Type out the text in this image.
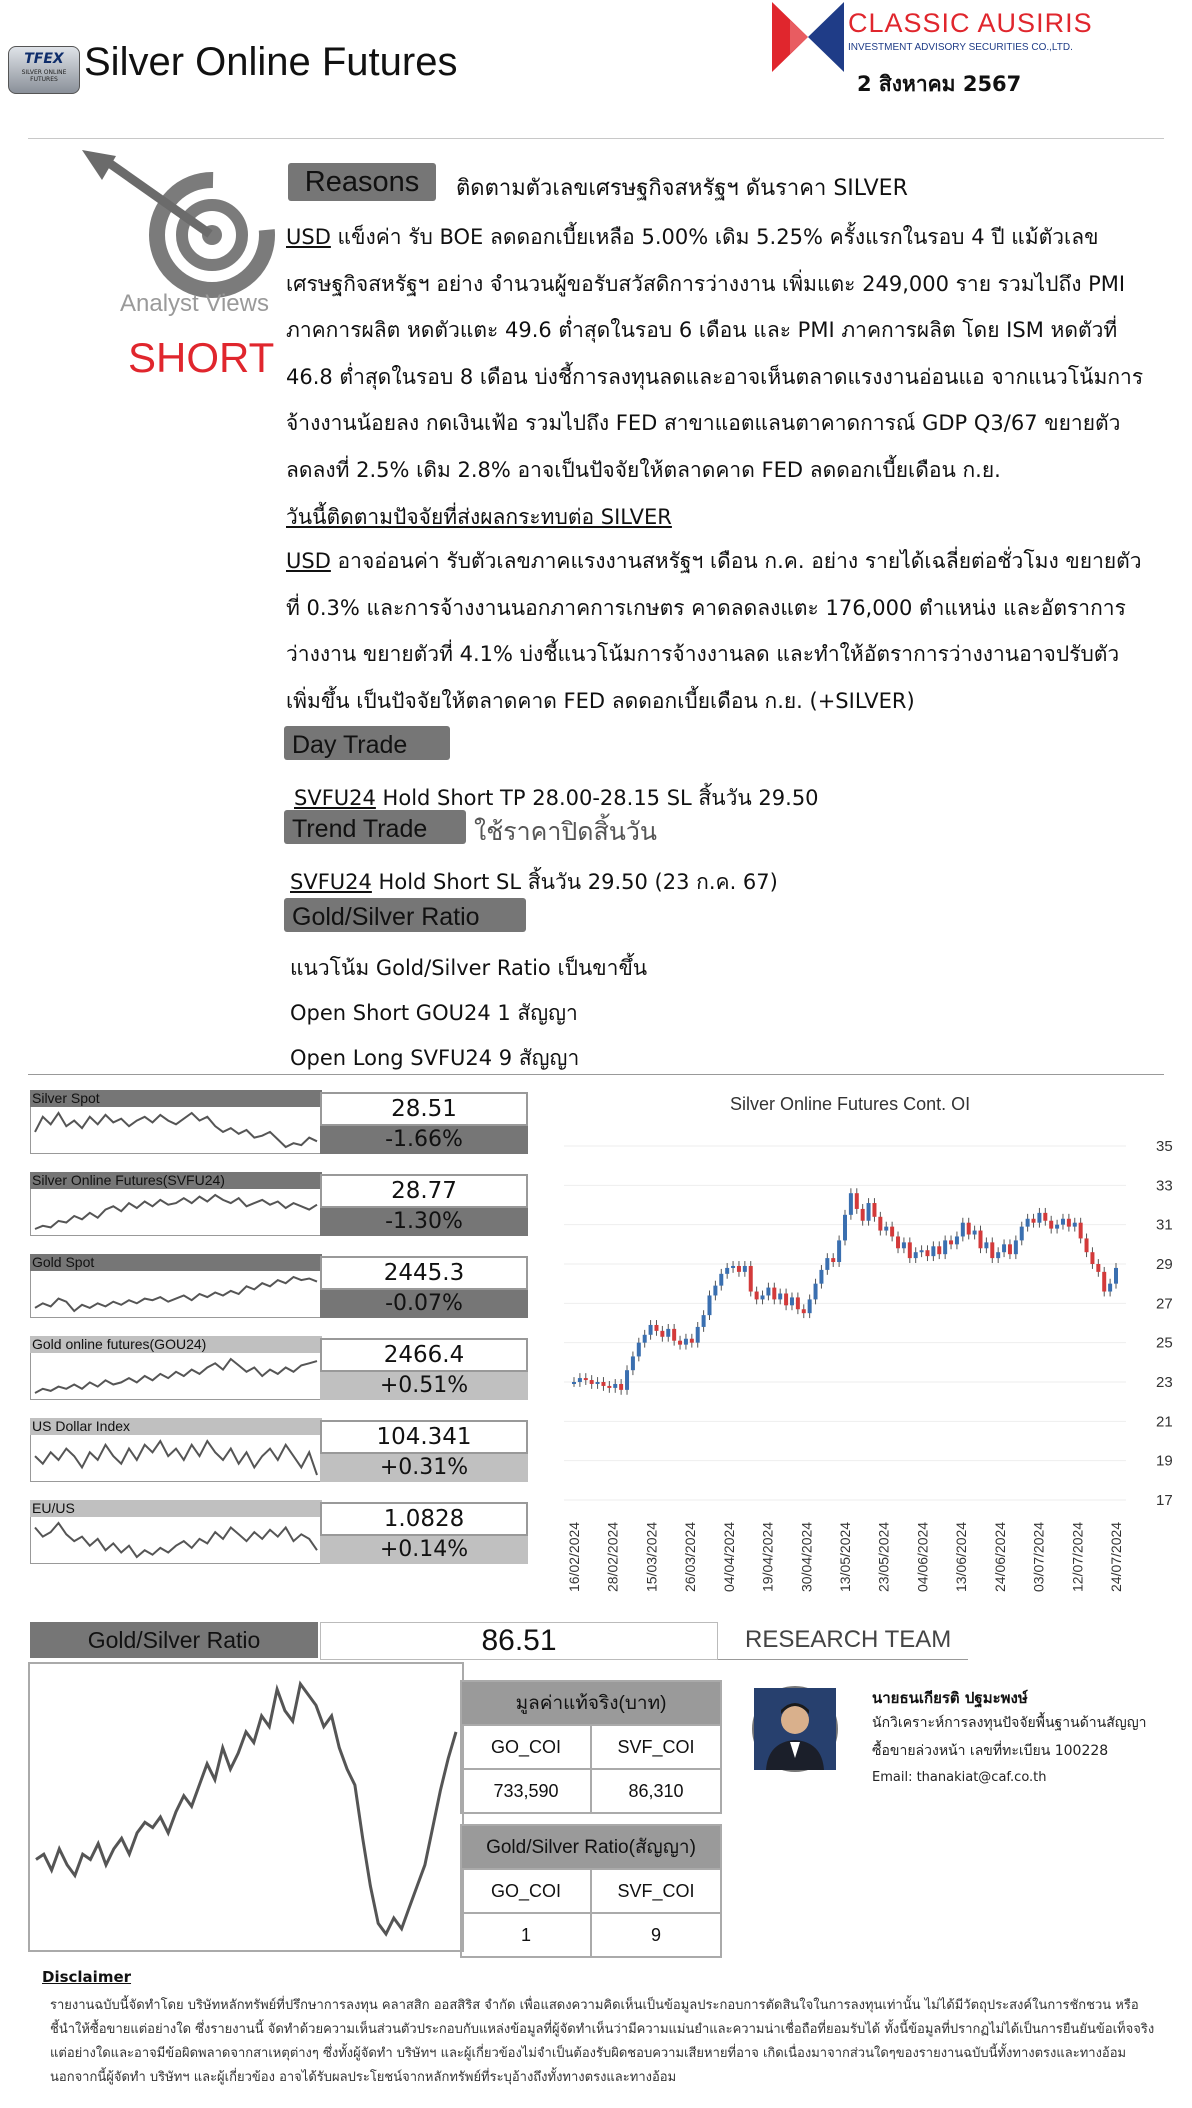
TFEX
SILVER ONLINE FUTURES Silver Online Futures
CLASSIC AUSIRIS
INVESTMENT ADVISORY SECURITIES CO.,LTD.
2 สิงหาคม 2567
Analyst Views
SHORT
Reasons	ติดตามตัวเลขเศรษฐกิจสหรัฐฯ ดันราคา SILVER
USD แข็งค่า รับ BOE ลดดอกเบี้ยเหลือ 5.00% เดิม 5.25% ครั้งแรกในรอบ 4 ปี แม้ตัวเลข
เศรษฐกิจสหรัฐฯ อย่าง จำนวนผู้ขอรับสวัสดิการว่างงาน เพิ่มแตะ 249,000 ราย รวมไปถึง PMI
ภาคการผลิต หดตัวแตะ 49.6 ต่ำสุดในรอบ 6 เดือน และ PMI ภาคการผลิต โดย ISM หดตัวที่
46.8 ต่ำสุดในรอบ 8 เดือน บ่งชี้การลงทุนลดและอาจเห็นตลาดแรงงานอ่อนแอ จากแนวโน้มการ
จ้างงานน้อยลง กดเงินเฟ้อ รวมไปถึง FED สาขาแอตแลนตาคาดการณ์ GDP Q3/67 ขยายตัว
ลดลงที่ 2.5% เดิม 2.8% อาจเป็นปัจจัยให้ตลาดคาด FED ลดดอกเบี้ยเดือน ก.ย.
วันนี้ติดตามปัจจัยที่ส่งผลกระทบต่อ SILVER
USD อาจอ่อนค่า รับตัวเลขภาคแรงงานสหรัฐฯ เดือน ก.ค. อย่าง รายได้เฉลี่ยต่อชั่วโมง ขยายตัว
ที่ 0.3% และการจ้างงานนอกภาคการเกษตร คาดลดลงแตะ 176,000 ตำแหน่ง และอัตราการ
ว่างงาน ขยายตัวที่ 4.1% บ่งชี้แนวโน้มการจ้างงานลด และทำให้อัตราการว่างงานอาจปรับตัว
เพิ่มขึ้น เป็นปัจจัยให้ตลาดคาด FED ลดดอกเบี้ยเดือน ก.ย. (+SILVER)
Day Trade
SVFU24 Hold Short TP 28.00-28.15 SL สิ้นวัน 29.50
Trend Trade	ใช้ราคาปิดสิ้นวัน
SVFU24 Hold Short SL สิ้นวัน 29.50 (23 ก.ค. 67)
Gold/Silver Ratio
แนวโน้ม Gold/Silver Ratio เป็นขาขึ้น
Open Short GOU24 1 สัญญา
Open Long SVFU24 9 สัญญา
Silver Spot	28.51
-1.66%
Silver Online Futures(SVFU24)	28.77
-1.30%
Gold Spot	2445.3
-0.07%
Gold online futures(GOU24)	2466.4
+0.51%
US Dollar Index	104.341
+0.31%
EU/US	1.0828
+0.14%
Silver Online Futures Cont. OI
35
33
31
29
27
25
23
21
19
17
16/02/2024 28/02/2024 15/03/2024 26/03/2024 04/04/2024 19/04/2024 30/04/2024 13/05/2024 23/05/2024 04/06/2024 13/06/2024 24/06/2024 03/07/2024 12/07/2024 24/07/2024
Gold/Silver Ratio	86.51	RESEARCH TEAM
มูลค่าแท้จริง(บาท)	
GO_COI	SVF_COI
733,590	86,310
Gold/Silver Ratio(สัญญา)	
GO_COI	SVF_COI
1	9
นายธนเกียรติ ปฐมะพงษ์
นักวิเคราะห์การลงทุนปัจจัยพื้นฐานด้านสัญญา
ซื้อขายล่วงหน้า เลขที่ทะเบียน 100228
Email: thanakiat@caf.co.th
Disclaimer
รายงานฉบับนี้จัดทำโดย บริษัทหลักทรัพย์ที่ปรึกษาการลงทุน คลาสสิก ออสสิริส จำกัด เพื่อแสดงความคิดเห็นเป็นข้อมูลประกอบการตัดสินใจในการลงทุนเท่านั้น ไม่ได้มีวัตถุประสงค์ในการชักชวน หรือชี้นำให้ซื้อขายแต่อย่างใด ซึ่งรายงานนี้ จัดทำด้วยความเห็นส่วนตัวประกอบกับแหล่งข้อมูลที่ผู้จัดทำเห็นว่ามีความแม่นยำและความน่าเชื่อถือที่ยอมรับได้ ทั้งนี้ข้อมูลที่ปรากฏไม่ได้เป็นการยืนยันข้อเท็จจริงแต่อย่างใดและอาจมีข้อผิดพลาดจากสาเหตุต่างๆ ซึ่งทั้งผู้จัดทำ บริษัทฯ และผู้เกี่ยวข้องไม่จำเป็นต้องรับผิดชอบความเสียหายที่อาจ เกิดเนื่องมาจากส่วนใดๆของรายงานฉบับนี้ทั้งทางตรงและทางอ้อม นอกจากนี้ผู้จัดทำ บริษัทฯ และผู้เกี่ยวข้อง อาจได้รับผลประโยชน์จากหลักทรัพย์ที่ระบุอ้างถึงทั้งทางตรงและทางอ้อม
